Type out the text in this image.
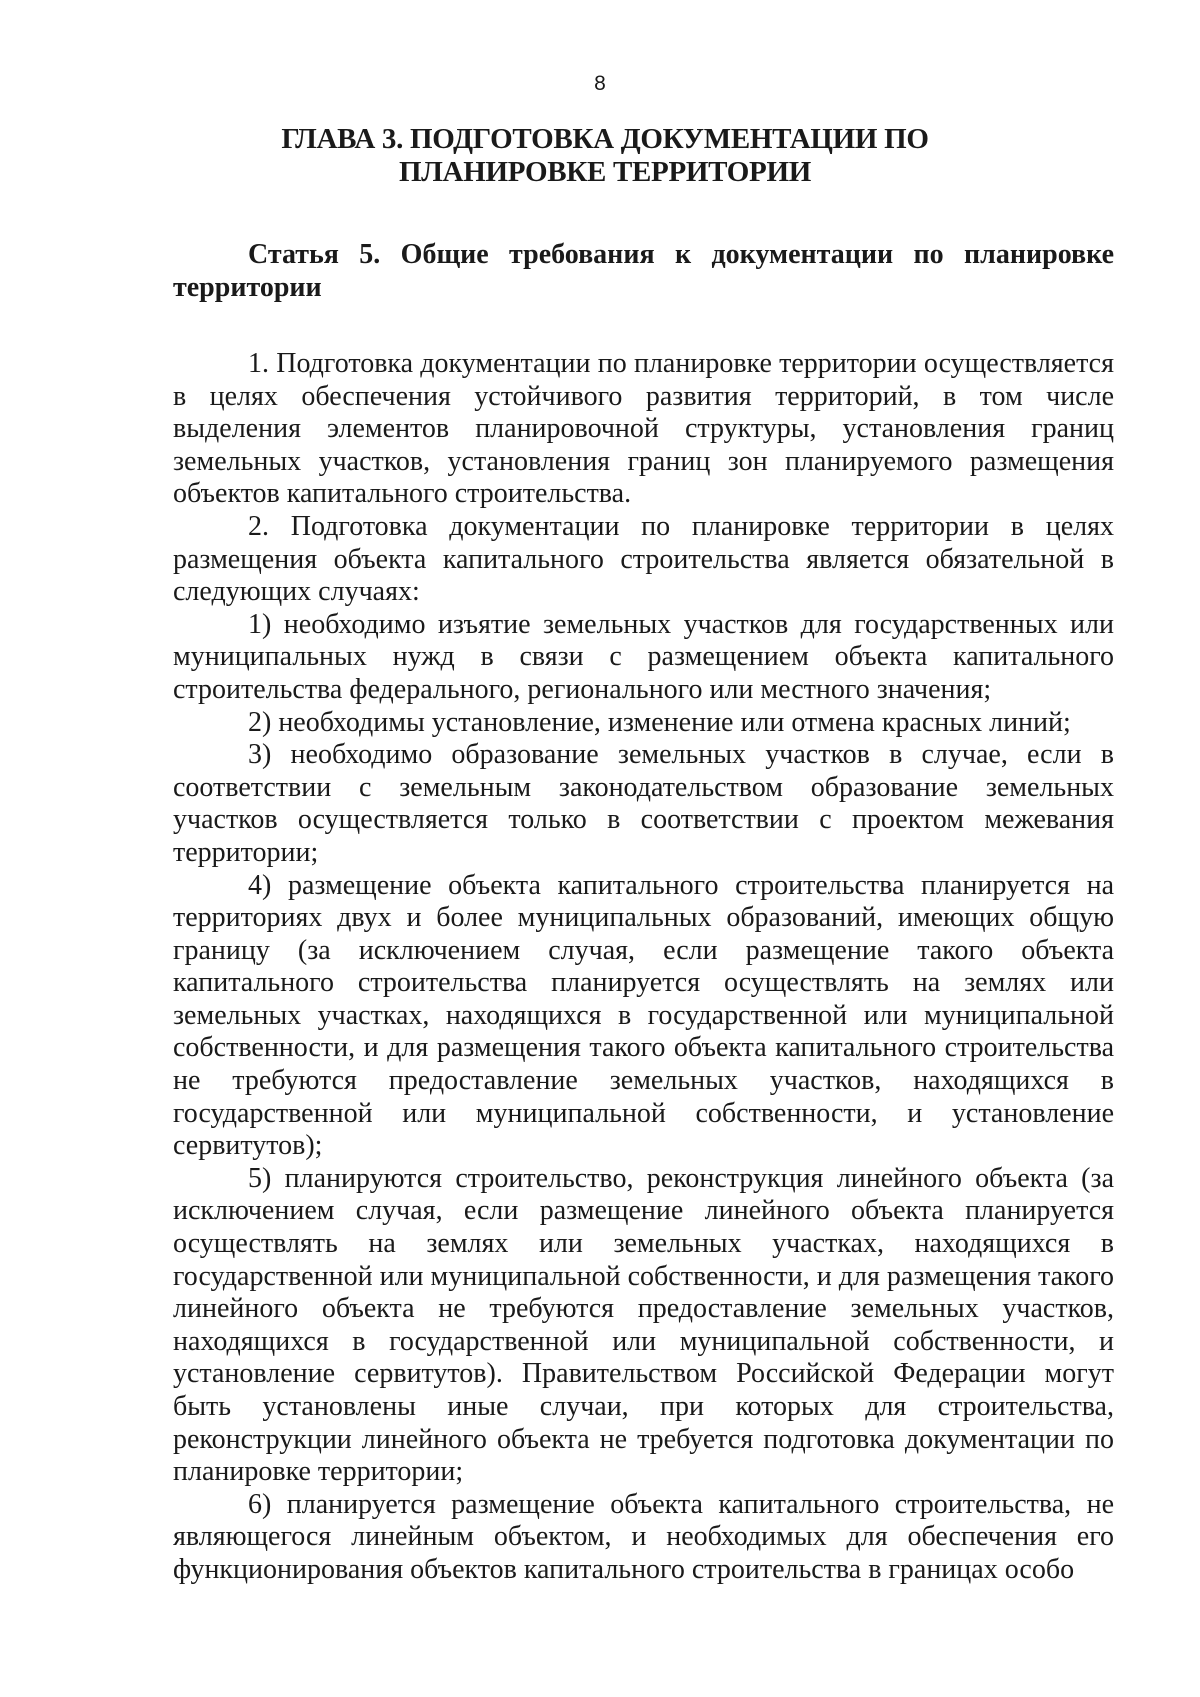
8
ГЛАВА 3. ПОДГОТОВКА ДОКУМЕНТАЦИИ ПО ПЛАНИРОВКЕ ТЕРРИТОРИИ
Статья 5. Общие требования к документации по планировке территории

1. Подготовка документации по планировке территории осуществляется в целях обеспечения устойчивого развития территорий, в том числе выделения элементов планировочной структуры, установления границ земельных участков, установления границ зон планируемого размещения объектов капитального строительства.

2. Подготовка документации по планировке территории в целях размещения объекта капитального строительства является обязательной в следующих случаях:

1) необходимо изъятие земельных участков для государственных или муниципальных нужд в связи с размещением объекта капитального строительства федерального, регионального или местного значения;

2) необходимы установление, изменение или отмена красных линий;

3) необходимо образование земельных участков в случае, если в соответствии с земельным законодательством образование земельных участков осуществляется только в соответствии с проектом межевания территории;

4) размещение объекта капитального строительства планируется на территориях двух и более муниципальных образований, имеющих общую границу (за исключением случая, если размещение такого объекта капитального строительства планируется осуществлять на землях или земельных участках, находящихся в государственной или муниципальной собственности, и для размещения такого объекта капитального строительства не требуются предоставление земельных участков, находящихся в государственной или муниципальной собственности, и установление сервитутов);

5) планируются строительство, реконструкция линейного объекта (за исключением случая, если размещение линейного объекта планируется осуществлять на землях или земельных участках, находящихся в государственной или муниципальной собственности, и для размещения такого линейного объекта не требуются предоставление земельных участков, находящихся в государственной или муниципальной собственности, и установление сервитутов). Правительством Российской Федерации могут быть установлены иные случаи, при которых для строительства, реконструкции линейного объекта не требуется подготовка документации по планировке территории;

6) планируется размещение объекта капитального строительства, не являющегося линейным объектом, и необходимых для обеспечения его функционирования объектов капитального строительства в границах особо
